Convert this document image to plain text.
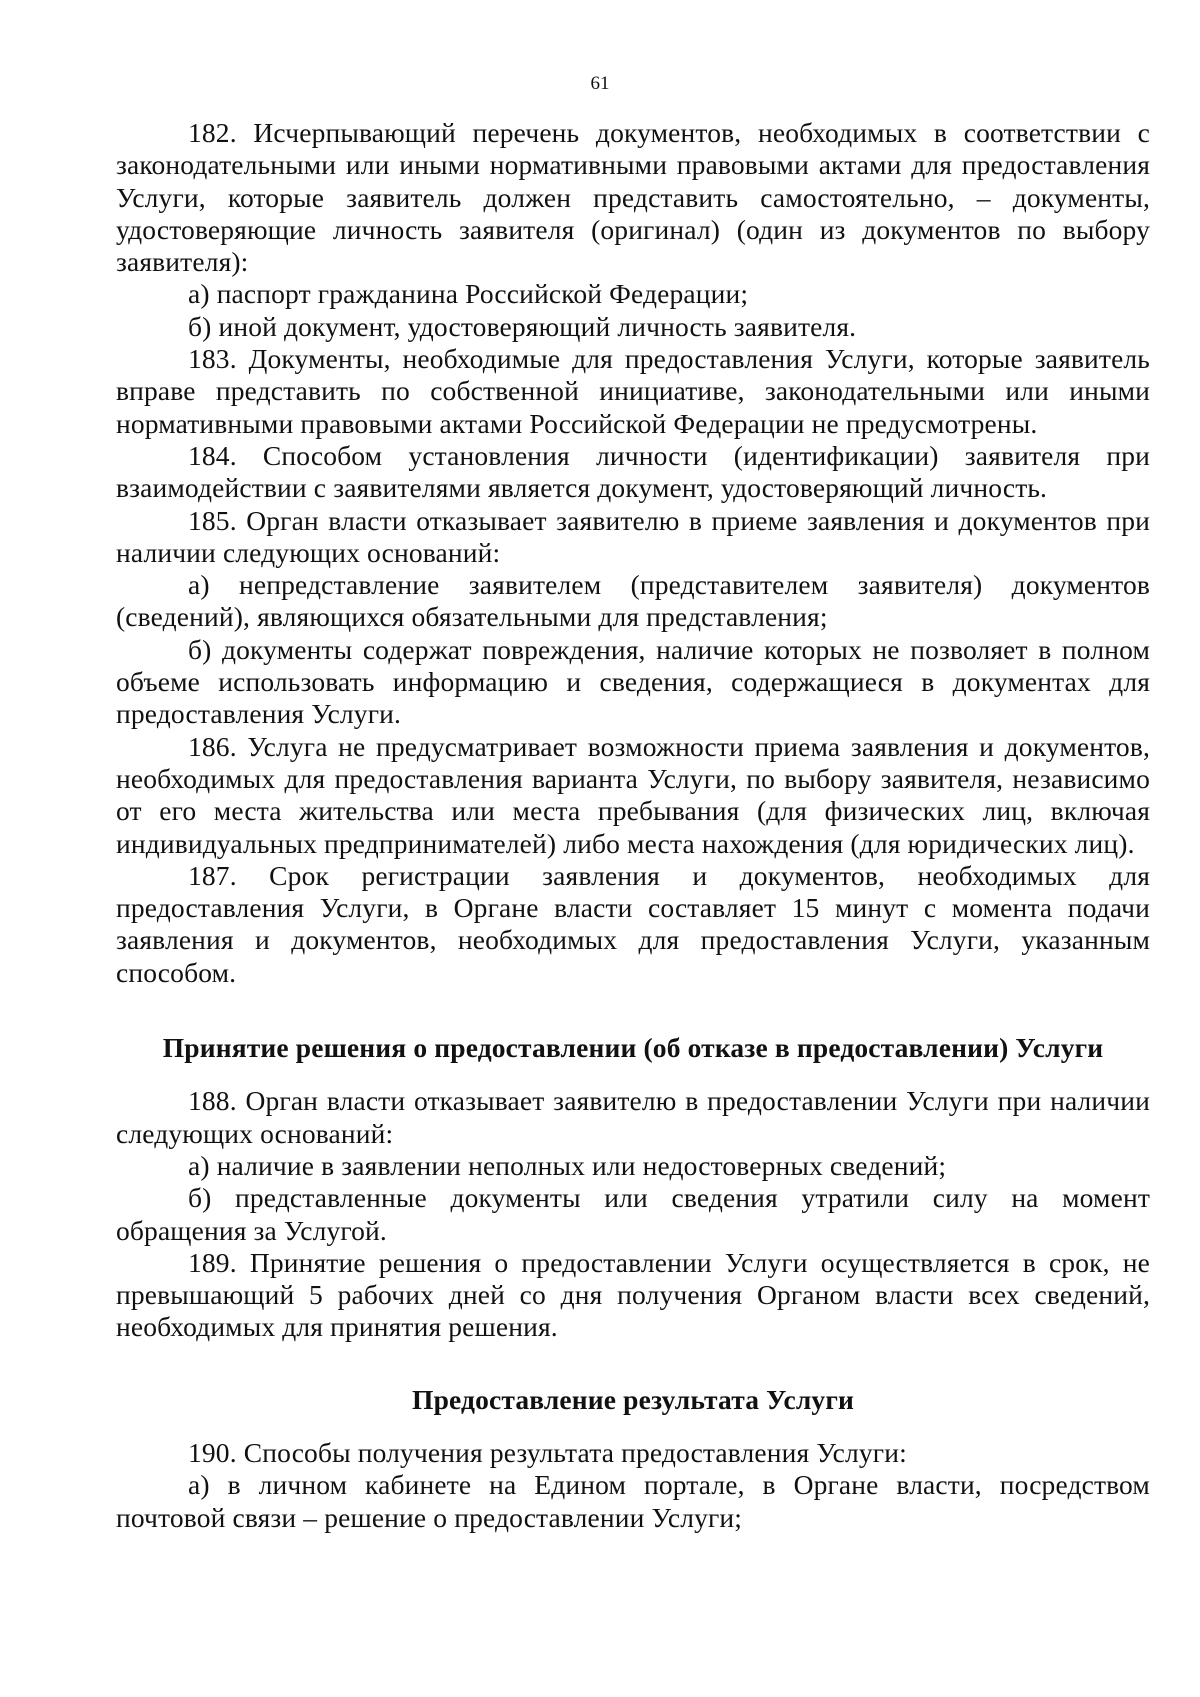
61

182. Исчерпывающий перечень документов, необходимых в соответствии с законодательными или иными нормативными правовыми актами для предоставления Услуги, которые заявитель должен представить самостоятельно, – документы, удостоверяющие личность заявителя (оригинал) (один из документов по выбору заявителя):

а) паспорт гражданина Российской Федерации;

б) иной документ, удостоверяющий личность заявителя.

183. Документы, необходимые для предоставления Услуги, которые заявитель вправе представить по собственной инициативе, законодательными или иными нормативными правовыми актами Российской Федерации не предусмотрены.

184. Способом установления личности (идентификации) заявителя при взаимодействии с заявителями является документ, удостоверяющий личность.

185. Орган власти отказывает заявителю в приеме заявления и документов при наличии следующих оснований:

а) непредставление заявителем (представителем заявителя) документов (сведений), являющихся обязательными для представления;

б) документы содержат повреждения, наличие которых не позволяет в полном объеме использовать информацию и сведения, содержащиеся в документах для предоставления Услуги.

186. Услуга не предусматривает возможности приема заявления и документов, необходимых для предоставления варианта Услуги, по выбору заявителя, независимо от его места жительства или места пребывания (для физических лиц, включая индивидуальных предпринимателей) либо места нахождения (для юридических лиц).

187. Срок регистрации заявления и документов, необходимых для предоставления Услуги, в Органе власти составляет 15 минут с момента подачи заявления и документов, необходимых для предоставления Услуги, указанным способом.

Принятие решения о предоставлении (об отказе в предоставлении) Услуги

188. Орган власти отказывает заявителю в предоставлении Услуги при наличии следующих оснований:

а) наличие в заявлении неполных или недостоверных сведений;

б) представленные документы или сведения утратили силу на момент обращения за Услугой.

189. Принятие решения о предоставлении Услуги осуществляется в срок, не превышающий 5 рабочих дней со дня получения Органом власти всех сведений, необходимых для принятия решения.

Предоставление результата Услуги

190. Способы получения результата предоставления Услуги:

а) в личном кабинете на Едином портале, в Органе власти, посредством почтовой связи – решение о предоставлении Услуги;
